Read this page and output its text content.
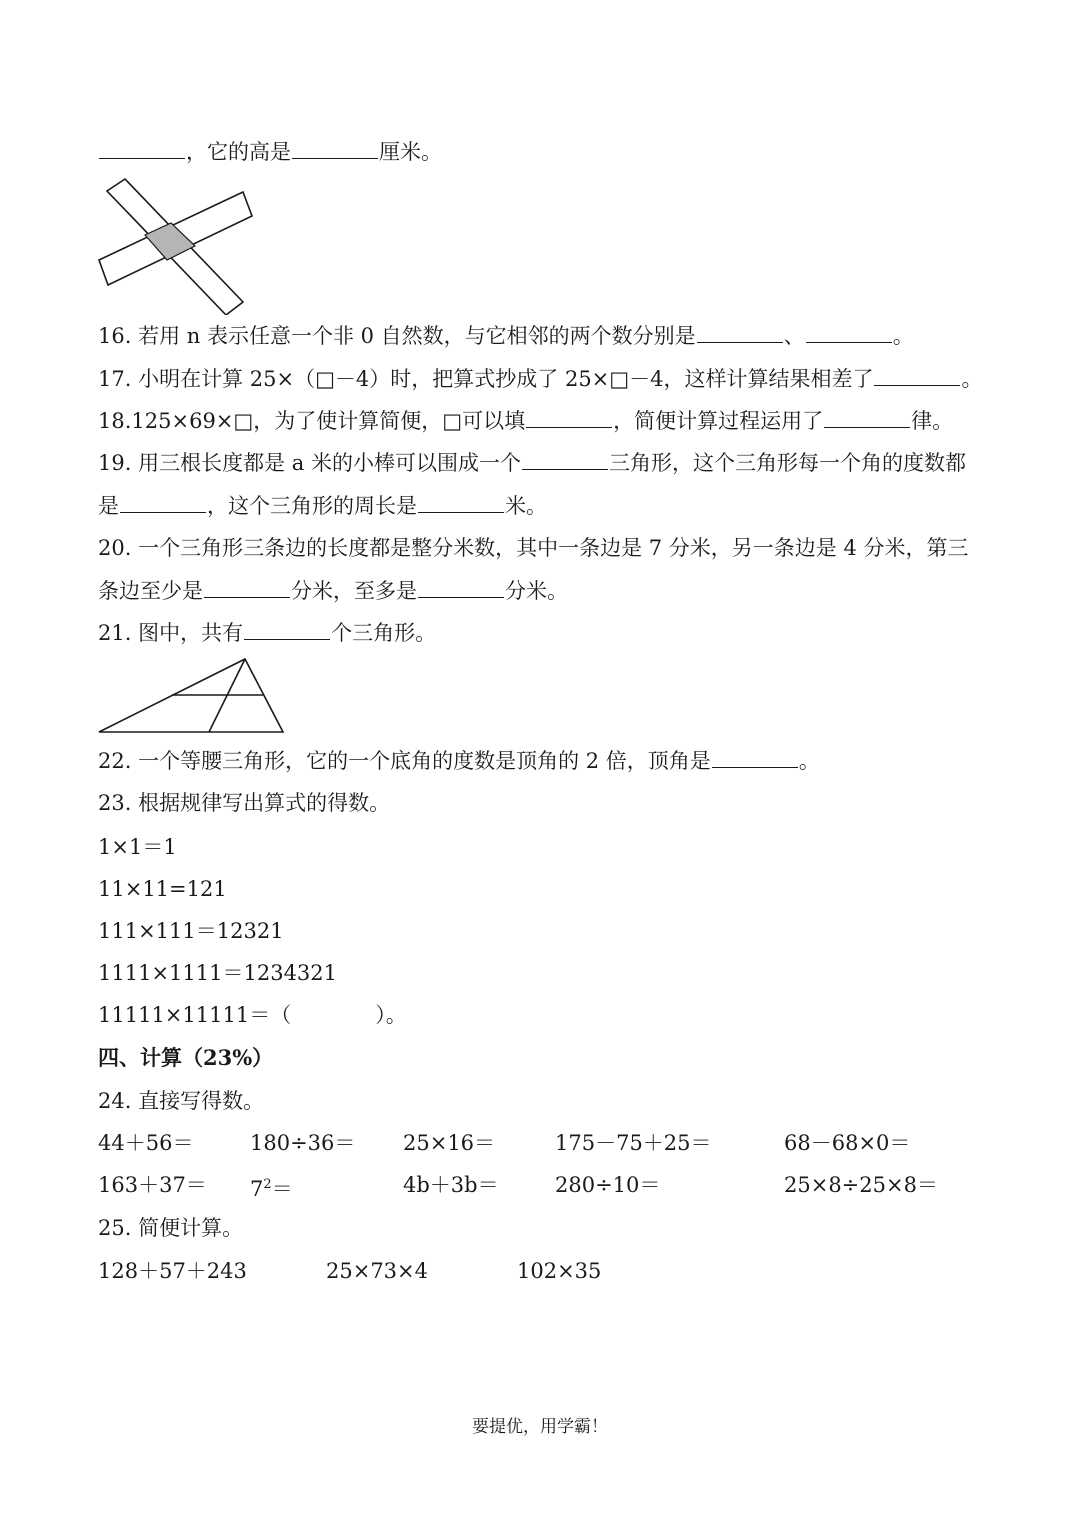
，它的高是	厘米。
16. 若用 n 表示任意一个非 0 自然数，与它相邻的两个数分别是	、	。
17. 小明在计算 25×（□－4）时，把算式抄成了 25×□－4，这样计算结果相差了	。
18.125×69×□，为了使计算简便，□可以填	，简便计算过程运用了	律。
19. 用三根长度都是 a 米的小棒可以围成一个	三角形，这个三角形每一个角的度数都
是	，这个三角形的周长是	米。
20. 一个三角形三条边的长度都是整分米数，其中一条边是 7 分米，另一条边是 4 分米，第三
条边至少是	分米，至多是	分米。
21. 图中，共有	个三角形。
22. 一个等腰三角形，它的一个底角的度数是顶角的 2 倍，顶角是	。
23. 根据规律写出算式的得数。
1×1＝1
11×11=121
111×111＝12321
1111×1111＝1234321
11111×11111＝（　　　　）。
四、计算（23%）
24. 直接写得数。
44＋56＝	180÷36＝ 25×16＝	175－75＋25＝	68－68×0＝
$163+37= 7^2=$	4b＋3b＝	280÷10＝	25×8÷25×8＝
25. 简便计算。
128＋57＋243	25×73×4	102×35
要提优，用学霸！
